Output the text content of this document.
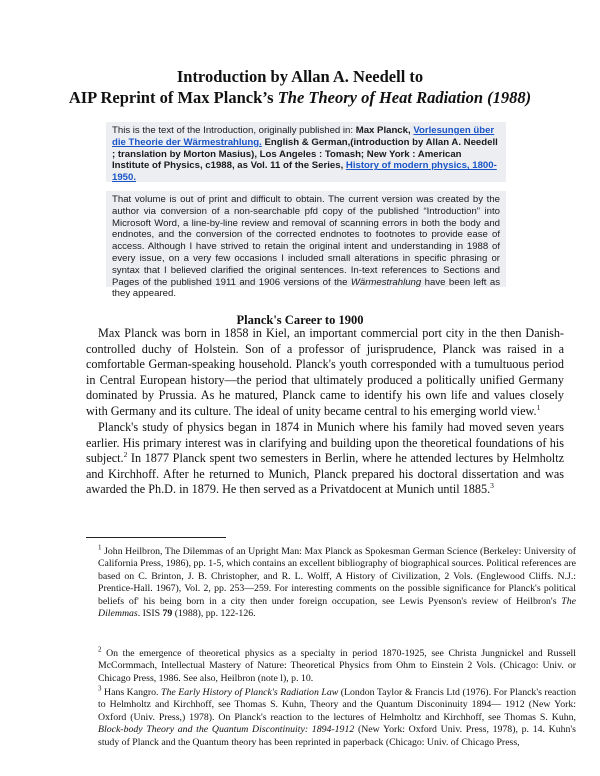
Introduction by Allan A. Needell to
AIP Reprint of Max Planck’s The Theory of Heat Radiation (1988)
This is the text of the Introduction, originally published in: Max Planck, Vorlesungen über die Theorie der Wärmestrahlung. English & German,(introduction by Allan A. Needell ; translation by Morton Masius), Los Angeles : Tomash; New York : American Institute of Physics, c1988, as Vol. 11 of the Series, History of modern physics, 1800-1950.
That volume is out of print and difficult to obtain. The current version was created by the author via conversion of a non-searchable pfd copy of the published “Introduction” into Microsoft Word, a line-by-line review and removal of scanning errors in both the body and endnotes, and the conversion of the corrected endnotes to footnotes to provide ease of access. Although I have strived to retain the original intent and understanding in 1988 of every issue, on a very few occasions I included small alterations in specific phrasing or syntax that I believed clarified the original sentences. In-text references to Sections and Pages of the published 1911 and 1906 versions of the Wärmestrahlung have been left as they appeared.
Planck's Career to 1900
Max Planck was born in 1858 in Kiel, an important commercial port city in the then Danish-controlled duchy of Holstein. Son of a professor of jurisprudence, Planck was raised in a comfortable German-speaking household. Planck's youth corresponded with a tumultuous period in Central European history—the period that ultimately produced a politically unified Germany dominated by Prussia. As he matured, Planck came to identify his own life and values closely with Germany and its culture. The ideal of unity became central to his emerging world view.$^1$
Planck's study of physics began in 1874 in Munich where his family had moved seven years earlier. His primary interest was in clarifying and building upon the theoretical foundations of his subject.$^2$ In 1877 Planck spent two semesters in Berlin, where he attended lectures by Helmholtz and Kirchhoff. After he returned to Munich, Planck prepared his doctoral dissertation and was awarded the Ph.D. in 1879. He then served as a Privatdocent at Munich until 1885.$^3$
$^1$ John Heilbron, The Dilemmas of an Upright Man: Max Planck as Spokesman German Science (Berkeley: University of California Press, 1986), pp. 1-5, which contains an excellent bibliography of biographical sources. Political references are based on C. Brinton, J. B. Christopher, and R. L. Wolff, A History of Civilization, 2 Vols. (Englewood Cliffs. N.J.: Prentice-Hall. 1967), Vol. 2, pp. 253—259. For interesting comments on the possible significance for Planck's political beliefs of' his being born in a city then under foreign occupation, see Lewis Pyenson's review of Heilbron's The Dilemmas. ISIS 79 (1988), pp. 122-126.
$^2$ On the emergence of theoretical physics as a specialty in period 1870-1925, see Christa Jungnickel and Russell McCormmach, Intellectual Mastery of Nature: Theoretical Physics from Ohm to Einstein 2 Vols. (Chicago: Univ. or Chicago Press, 1986. See also, Heilbron (note l), p. 10.
$^3$ Hans Kangro. The Early History of Planck's Radiation Law (London Taylor & Francis Ltd (1976). For Planck's reaction to Helmholtz and Kirchhoff, see Thomas S. Kuhn, Theory and the Quantum Disconinuity 1894— 1912 (New York: Oxford (Univ. Press,) 1978). On Planck's reaction to the lectures of Helmholtz and Kirchhoff, see Thomas S. Kuhn, Block-body Theory and the Quantum Discontinuity: 1894-1912 (New York: Oxford Univ. Press, 1978), p. 14. Kuhn's study of Planck and the Quantum theory has been reprinted in paperback (Chicago: Univ. of Chicago Press,
